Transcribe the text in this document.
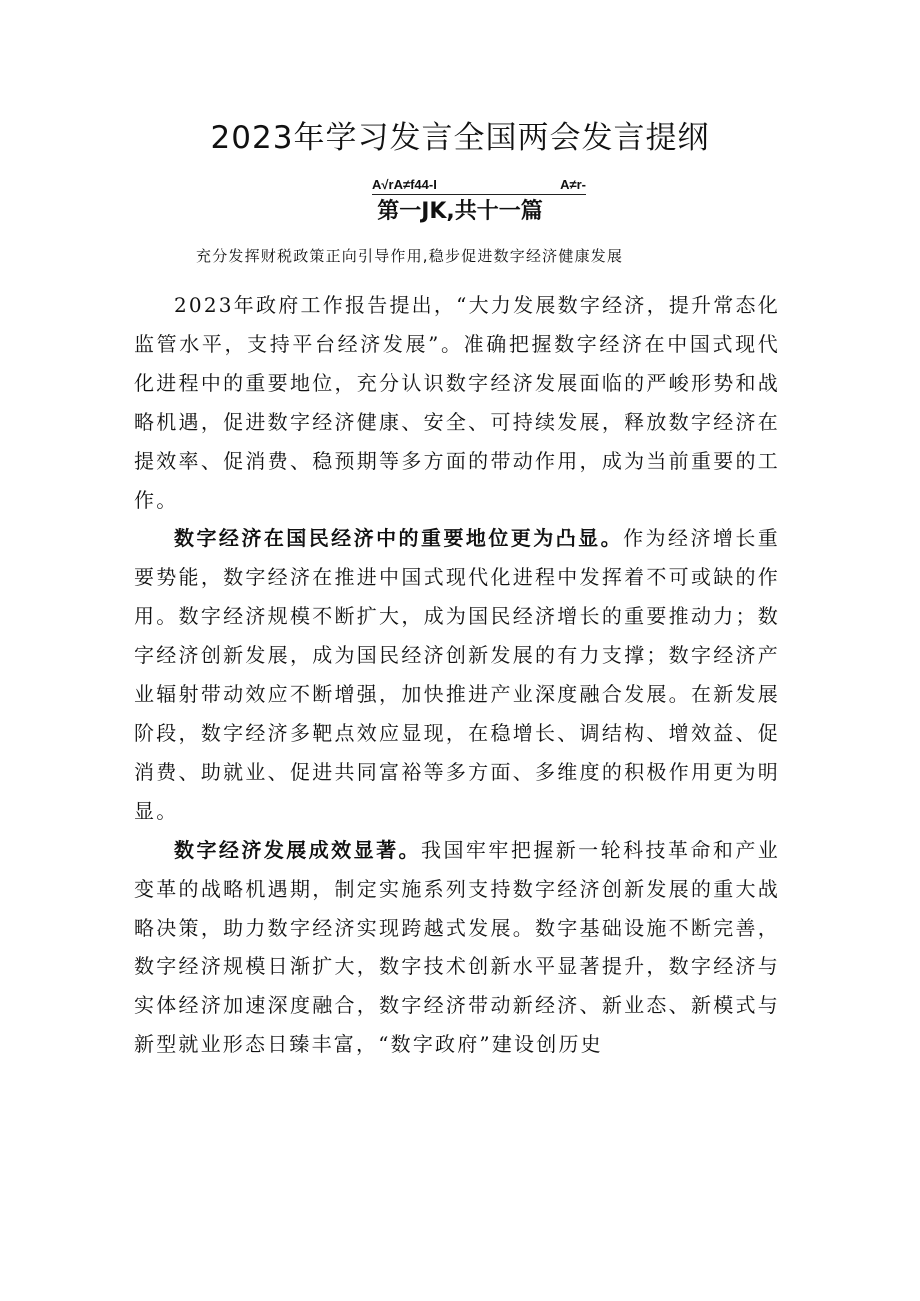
2023年学习发言全国两会发言提纲
A√rA≠f44-I	A≠r-
第一JK,共十一篇

充分发挥财税政策正向引导作用,稳步促进数字经济健康发展

2023年政府工作报告提出，“大力发展数字经济，提升常态化监管水平，支持平台经济发展”。准确把握数字经济在中国式现代化进程中的重要地位，充分认识数字经济发展面临的严峻形势和战略机遇，促进数字经济健康、安全、可持续发展，释放数字经济在提效率、促消费、稳预期等多方面的带动作用，成为当前重要的工作。

数字经济在国民经济中的重要地位更为凸显。作为经济增长重要势能，数字经济在推进中国式现代化进程中发挥着不可或缺的作用。数字经济规模不断扩大，成为国民经济增长的重要推动力；数字经济创新发展，成为国民经济创新发展的有力支撑；数字经济产业辐射带动效应不断增强，加快推进产业深度融合发展。在新发展阶段，数字经济多靶点效应显现，在稳增长、调结构、增效益、促消费、助就业、促进共同富裕等多方面、多维度的积极作用更为明显。

数字经济发展成效显著。我国牢牢把握新一轮科技革命和产业变革的战略机遇期，制定实施系列支持数字经济创新发展的重大战略决策，助力数字经济实现跨越式发展。数字基础设施不断完善，数字经济规模日渐扩大，数字技术创新水平显著提升，数字经济与实体经济加速深度融合，数字经济带动新经济、新业态、新模式与新型就业形态日臻丰富，“数字政府”建设创历史
